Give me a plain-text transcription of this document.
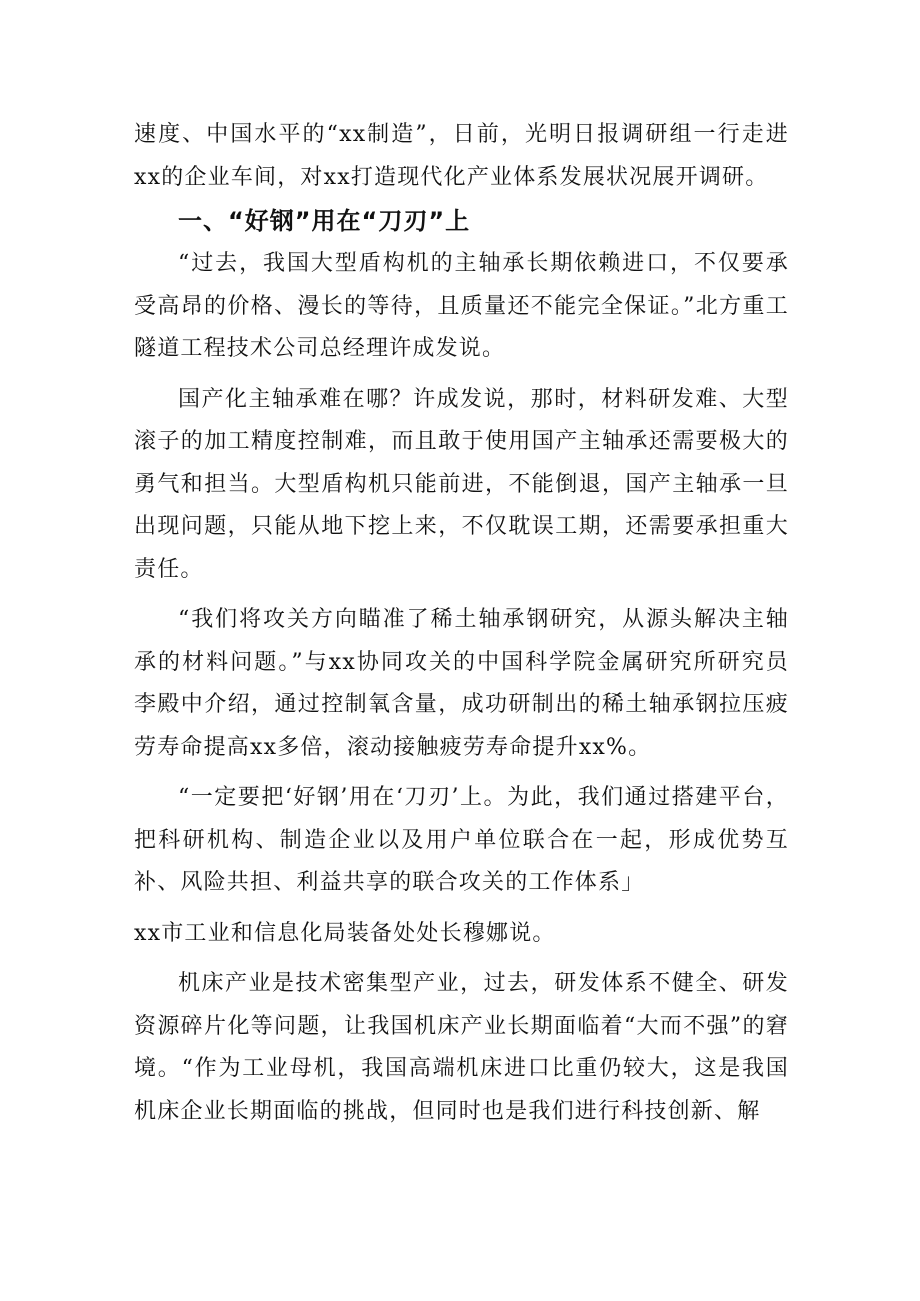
速度、中国水平的“xx制造”，日前，光明日报调研组一行走进xx的企业车间，对xx打造现代化产业体系发展状况展开调研。

一、“好钢”用在“刀刃”上

“过去，我国大型盾构机的主轴承长期依赖进口，不仅要承受高昂的价格、漫长的等待，且质量还不能完全保证。”北方重工隧道工程技术公司总经理许成发说。

国产化主轴承难在哪？许成发说，那时，材料研发难、大型滚子的加工精度控制难，而且敢于使用国产主轴承还需要极大的勇气和担当。大型盾构机只能前进，不能倒退，国产主轴承一旦出现问题，只能从地下挖上来，不仅耽误工期，还需要承担重大责任。

“我们将攻关方向瞄准了稀土轴承钢研究，从源头解决主轴承的材料问题。”与xx协同攻关的中国科学院金属研究所研究员李殿中介绍，通过控制氧含量，成功研制出的稀土轴承钢拉压疲劳寿命提高xx多倍，滚动接触疲劳寿命提升xx%。

“一定要把‘好钢’用在‘刀刃’上。为此，我们通过搭建平台，把科研机构、制造企业以及用户单位联合在一起，形成优势互补、风险共担、利益共享的联合攻关的工作体系」

xx市工业和信息化局装备处处长穆娜说。

机床产业是技术密集型产业，过去，研发体系不健全、研发资源碎片化等问题，让我国机床产业长期面临着“大而不强”的窘境。“作为工业母机，我国高端机床进口比重仍较大，这是我国机床企业长期面临的挑战，但同时也是我们进行科技创新、解
